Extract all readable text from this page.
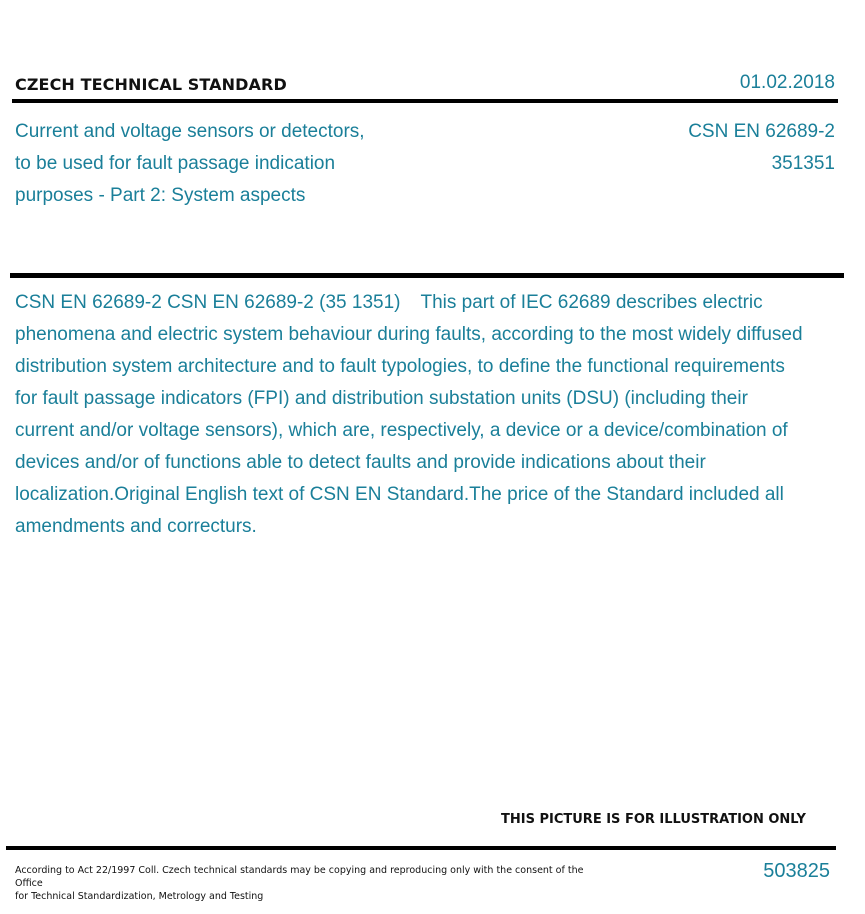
CZECH TECHNICAL STANDARD	01.02.2018
Current and voltage sensors or detectors,
to be used for fault passage indication
purposes - Part 2: System aspects
CSN EN 62689-2
351351
CSN EN 62689-2 CSN EN 62689-2 (35 1351) This part of IEC 62689 describes electric phenomena and electric system behaviour during faults, according to the most widely diffused distribution system architecture and to fault typologies, to define the functional requirements for fault passage indicators (FPI) and distribution substation units (DSU) (including their current and/or voltage sensors), which are, respectively, a device or a device/combination of devices and/or of functions able to detect faults and provide indications about their localization.Original English text of CSN EN Standard.The price of the Standard included all amendments and correcturs.
THIS PICTURE IS FOR ILLUSTRATION ONLY
According to Act 22/1997 Coll. Czech technical standards may be copying and reproducing only with the consent of the Office
for Technical Standardization, Metrology and Testing
503825
